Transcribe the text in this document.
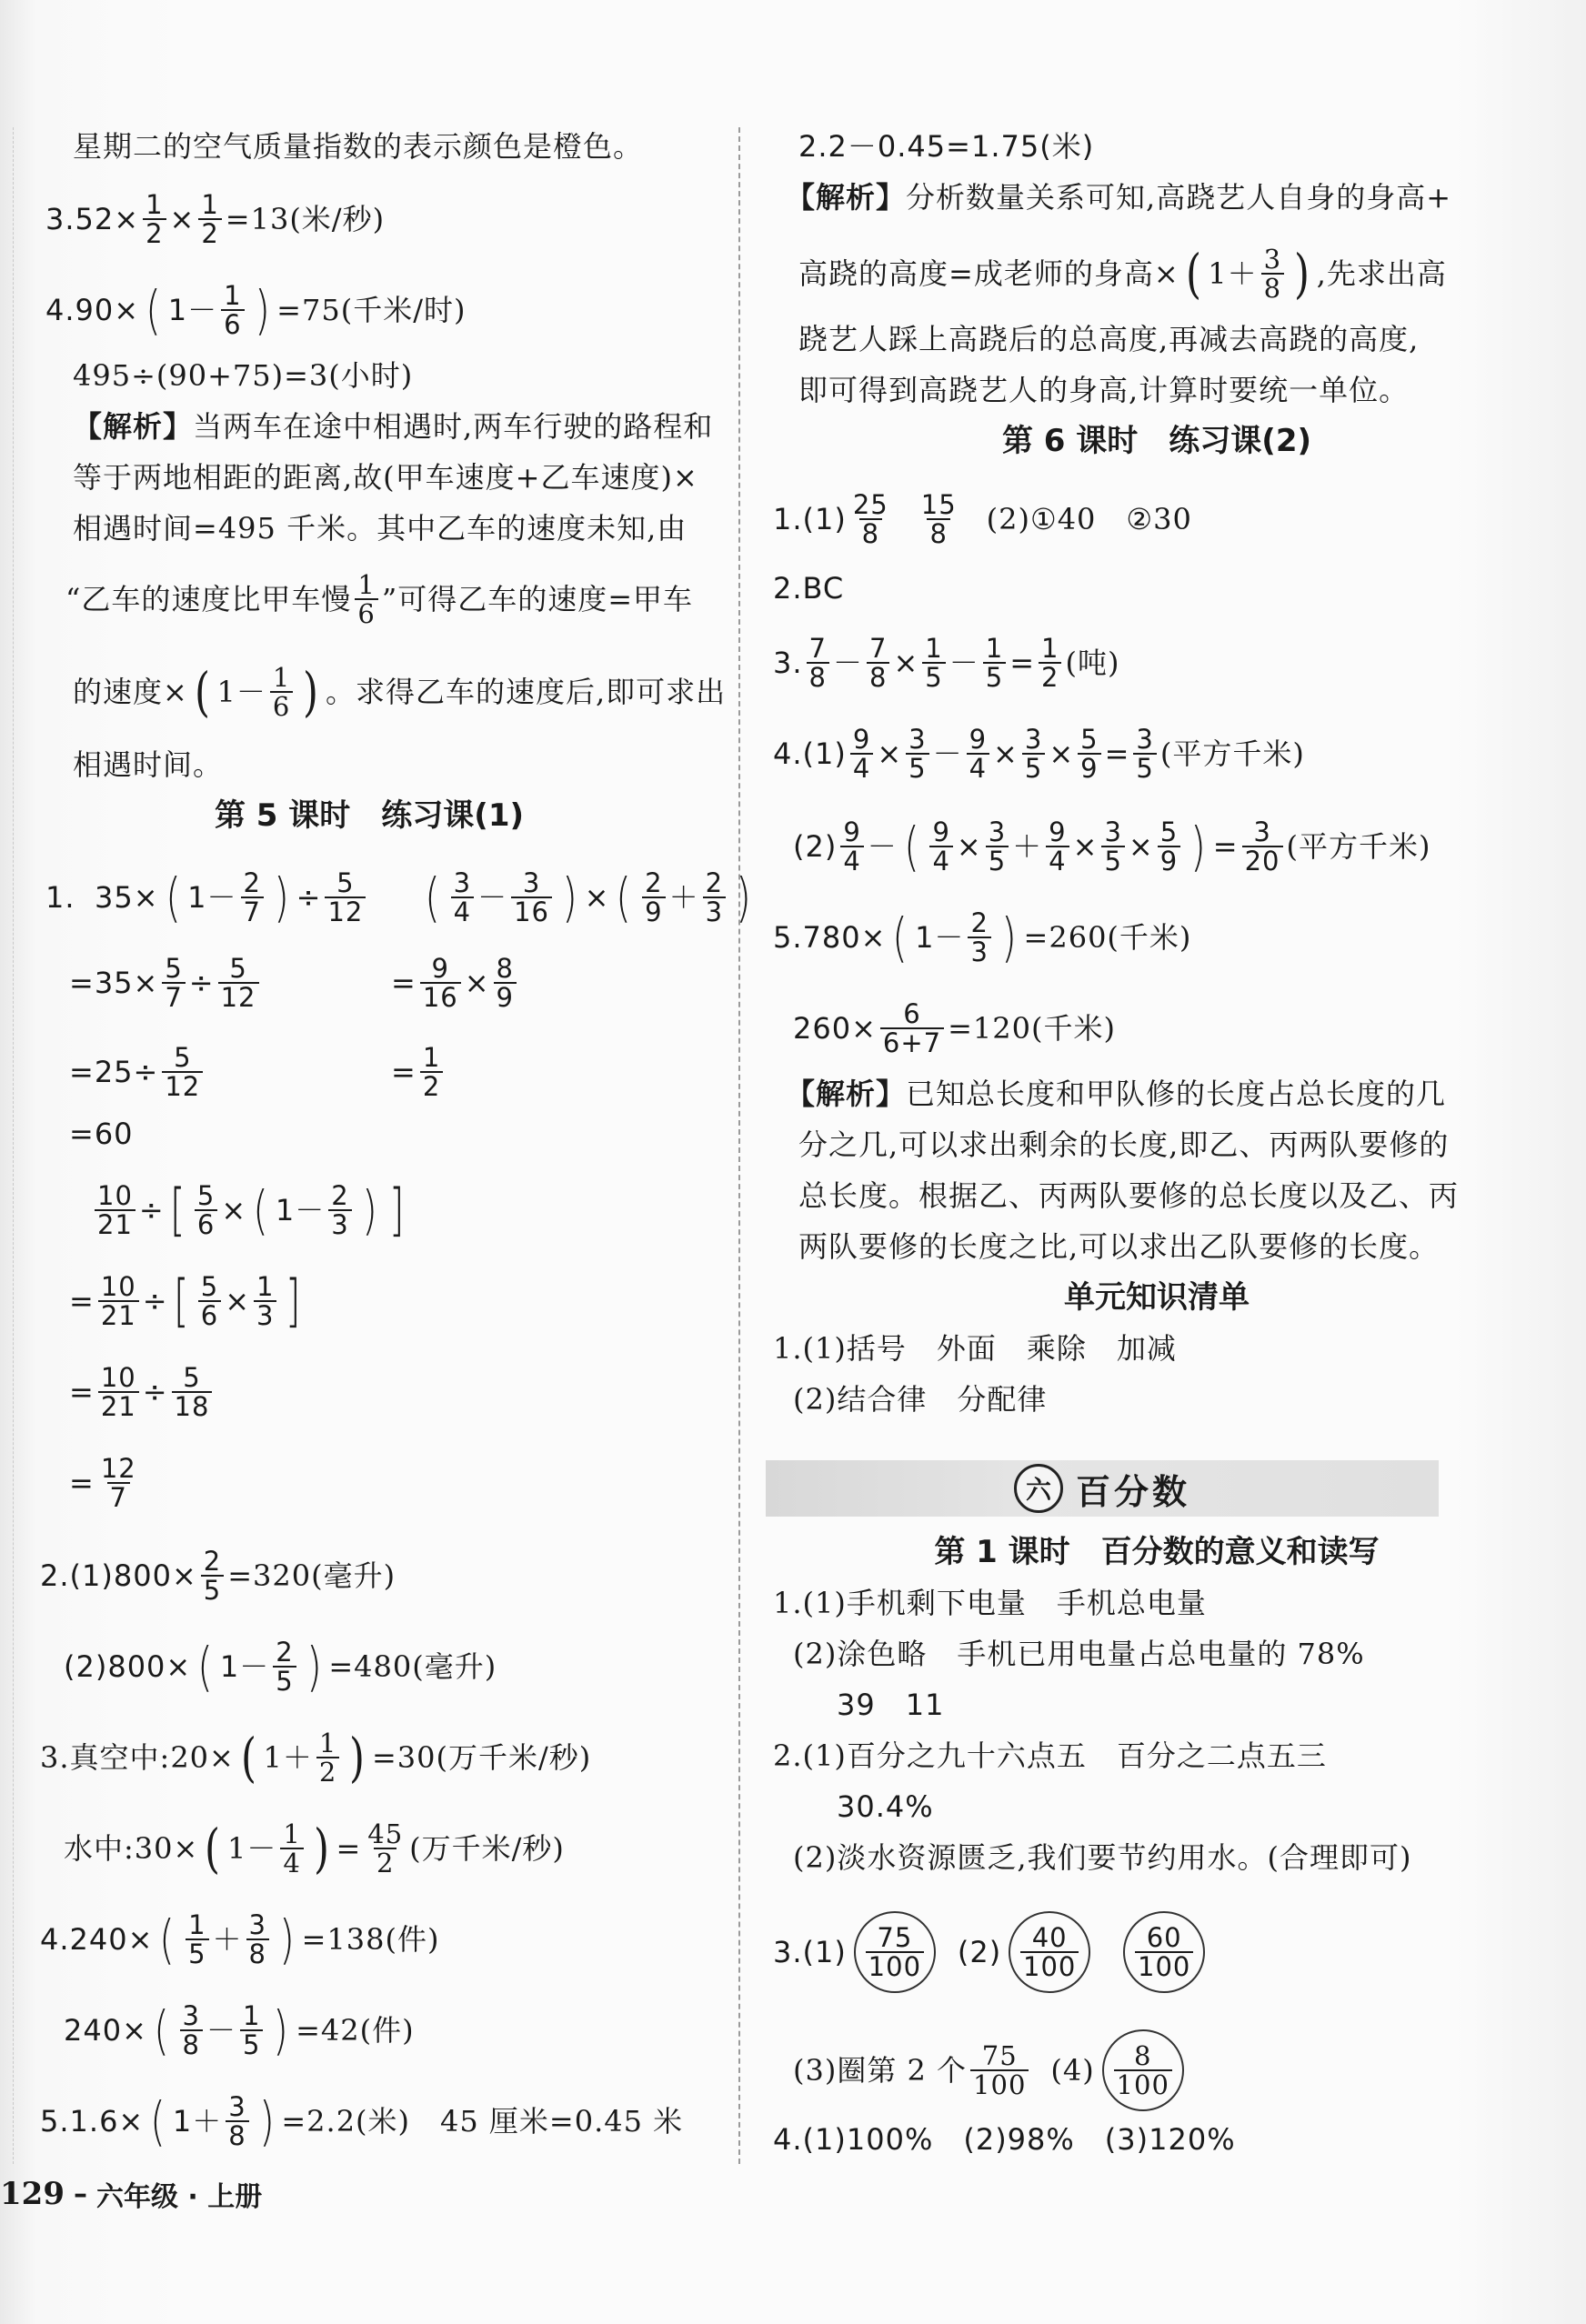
星期二的空气质量指数的表示颜色是橙色。
3. $52 \times \frac{1}{2} \times \frac{1}{2} =13$(米/秒)
4. 90 × ( $1- \frac{1}{6}$ ) =75(千米/时)
495÷(90+75)=3(小时)
【解析】 当两车在途中相遇时,两车行驶的路程和
等于两地相距的距离,故(甲车速度+乙车速度)×
相遇时间=495 千米。其中乙车的速度未知,由
“乙车的速度比甲车慢 $\frac{1}{6}$ ”可得乙车的速度=甲车
的速度× ( $1- \frac{1}{6}$ ) 。求得乙车的速度后,即可求出
相遇时间。
第 5 课时　练习课(1)
1. 35× ( $1- \frac{2}{7}$ ) ÷ $\frac{5}{12}$ ( $\frac{3}{4} - \frac{3}{16}$ ) × ( $\frac{2}{9} + \frac{2}{3}$ )
$=35\times \frac{5}{7} \div \frac{5}{12}$
$=25\div \frac{5}{12}$
=60
= $\frac{9}{16} \times \frac{8}{9}$
= $\frac{1}{2}$
$\frac{10}{21}$ ÷ [ $\frac{5}{6}$ × ( $1- \frac{2}{3}$ ) ]
= $\frac{10}{21}$ ÷ [ $\frac{5}{6} \times \frac{1}{3}$ ]
= $\frac{10}{21} \div \frac{5}{18}$
= $\frac{12}{7}$
$2.(1)800\times \frac{2}{5} =320$(毫升)
(2)800× ( $1- \frac{2}{5}$ ) =480(毫升)
3.真空中:20× ( $1+ \frac{1}{2}$ ) =30(万千米/秒)
水中:30× ( $1- \frac{1}{4}$ ) = $\frac{45}{2}$ (万千米/秒)
4.240× ( $\frac{1}{5} + \frac{3}{8}$ ) =138(件)
240× ( $\frac{3}{8} - \frac{1}{5}$ ) =42(件)
5.1.6× ( $1+ \frac{3}{8}$ ) =2.2(米)　45 厘米=0.45 米
2.2－0.45=1.75(米)
【解析】 分析数量关系可知,高跷艺人自身的身高+
高跷的高度=成老师的身高× ( $1+ \frac{3}{8}$ ) ,先求出高
跷艺人踩上高跷后的总高度,再减去高跷的高度,
即可得到高跷艺人的身高,计算时要统一单位。
第 6 课时　练习课(2)
$1.(1) \frac{25}{8} \frac{15}{8}$ (2)①40　②30
2.BC
3. $\frac{7}{8} - \frac{7}{8} \times \frac{1}{5} - \frac{1}{5} = \frac{1}{2}$ (吨)
$4.(1) \frac{9}{4} \times \frac{3}{5} - \frac{9}{4} \times \frac{3}{5} \times \frac{5}{9} = \frac{3}{5}$ (平方千米)
$(2) \frac{9}{4}$ － ( $\frac{9}{4} \times \frac{3}{5} + \frac{9}{4} \times \frac{3}{5} \times \frac{5}{9}$ ) = $\frac{3}{20}$ (平方千米)
5.780× ( $1- \frac{2}{3}$ ) =260(千米)
$260\times \frac{6}{6+7} =120$(千米)
【解析】 已知总长度和甲队修的长度占总长度的几
分之几,可以求出剩余的长度,即乙、丙两队要修的
总长度。根据乙、丙两队要修的总长度以及乙、丙
两队要修的长度之比,可以求出乙队要修的长度。
单元知识清单
1.(1)括号　外面　乘除　加减
(2)结合律　分配律
六 百分数
第 1 课时　百分数的意义和读写
1.(1)手机剩下电量　手机总电量
(2)涂色略　手机已用电量占总电量的 78%
39　11
2.(1)百分之九十六点五　百分之二点五三
30.4%
(2)淡水资源匮乏,我们要节约用水。(合理即可)
$3.(1) \frac{75}{100} (2) \frac{40}{100} \frac{60}{100}$
(3)圈第 2 个 $\frac{75}{100} (4) \frac{8}{100}$
4.(1)100%　(2)98%　(3)120%
129 – 六年级 · 上册
